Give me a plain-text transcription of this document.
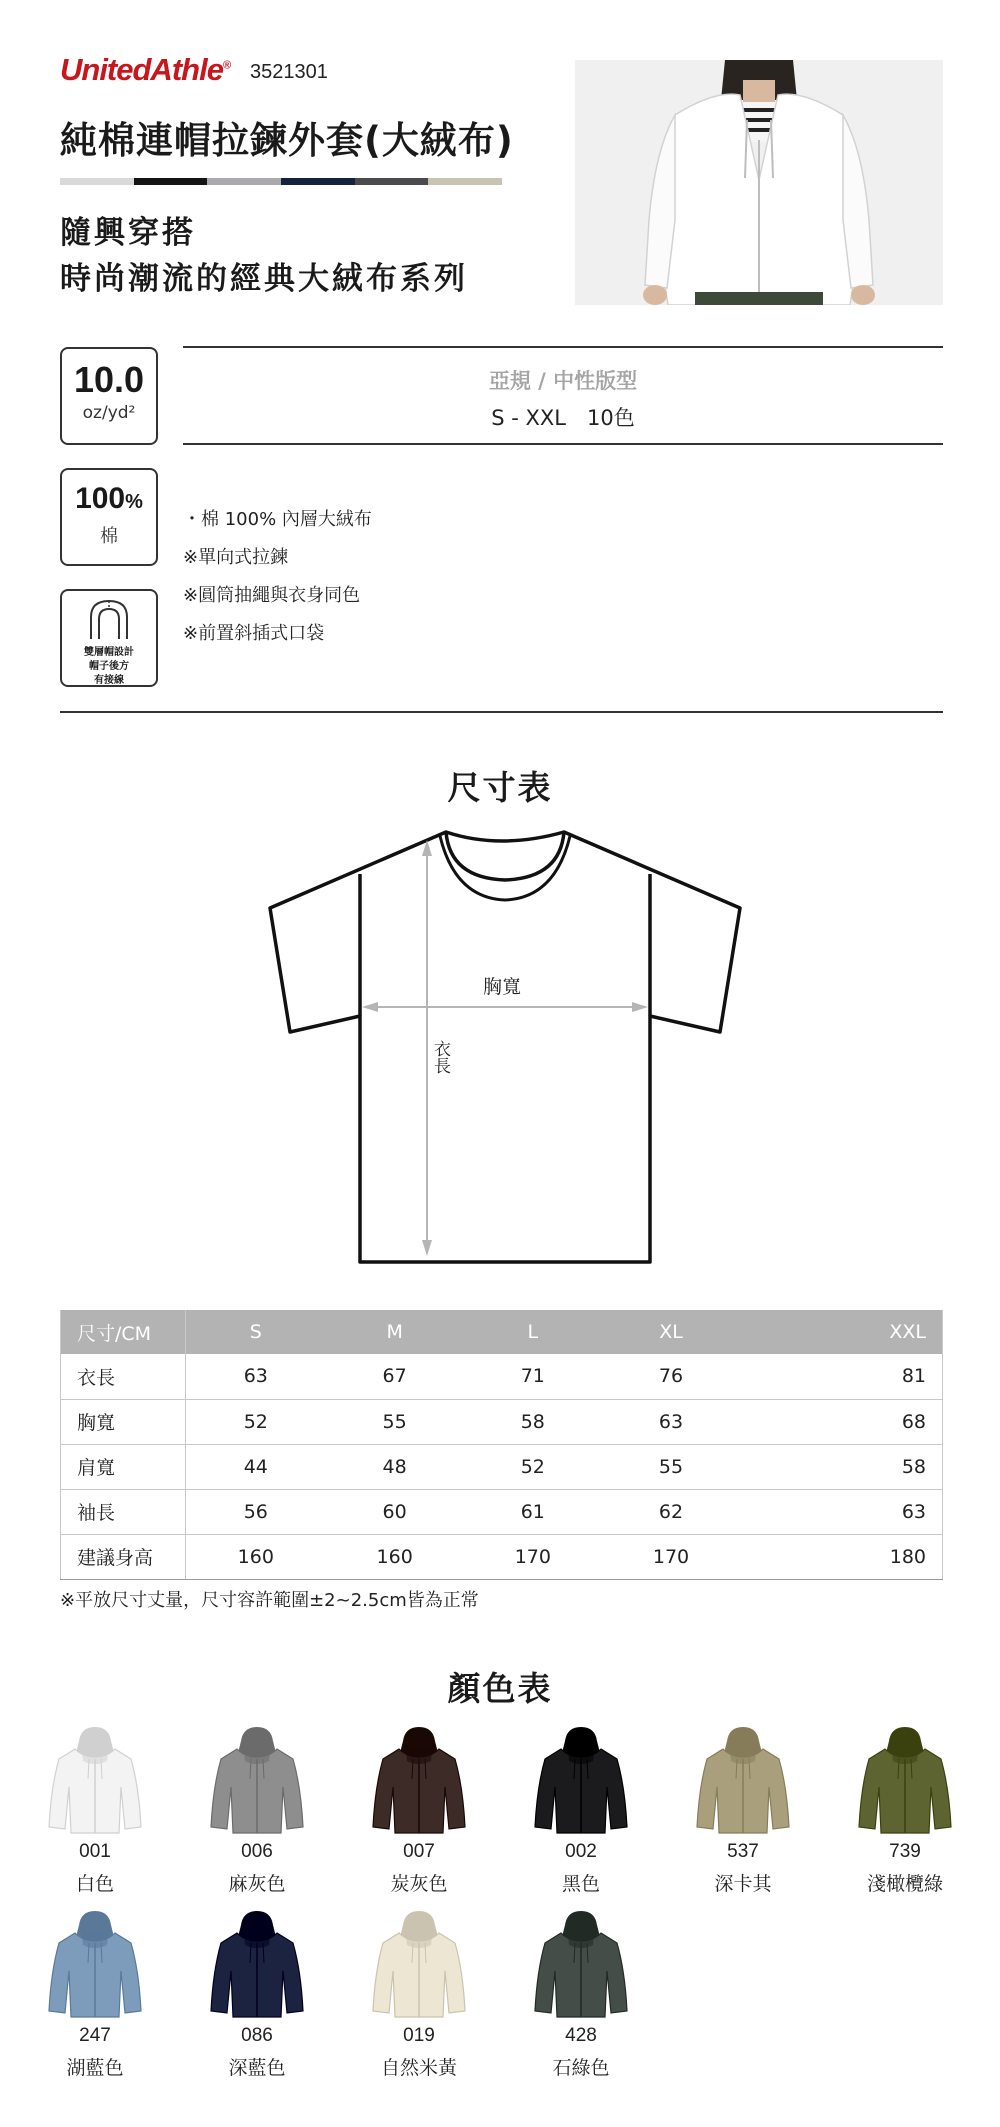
UnitedAthle® 3521301
純棉連帽拉鍊外套(大絨布)
隨興穿搭
時尚潮流的經典大絨布系列
10.0
oz/yd²
100%
棉
雙層帽設計
帽子後方
有接線
亞規 / 中性版型
S - XXL　10色
・棉 100% 內層大絨布
※單向式拉鍊
※圓筒抽繩與衣身同色
※前置斜插式口袋
尺寸表
胸寬
衣長
尺寸/CM	S	M	L	XL	XXL
衣長	63	67	71	76	81
胸寬	52	55	58	63	68
肩寬	44	48	52	55	58
袖長	56	60	61	62	63
建議身高	160	160	170	170	180
※平放尺寸丈量，尺寸容許範圍±2~2.5cm皆為正常
顏色表
001
白色
006
麻灰色
007
炭灰色
002
黑色
537
深卡其
739
淺橄欖綠
247
湖藍色
086
深藍色
019
自然米黃
428
石綠色
